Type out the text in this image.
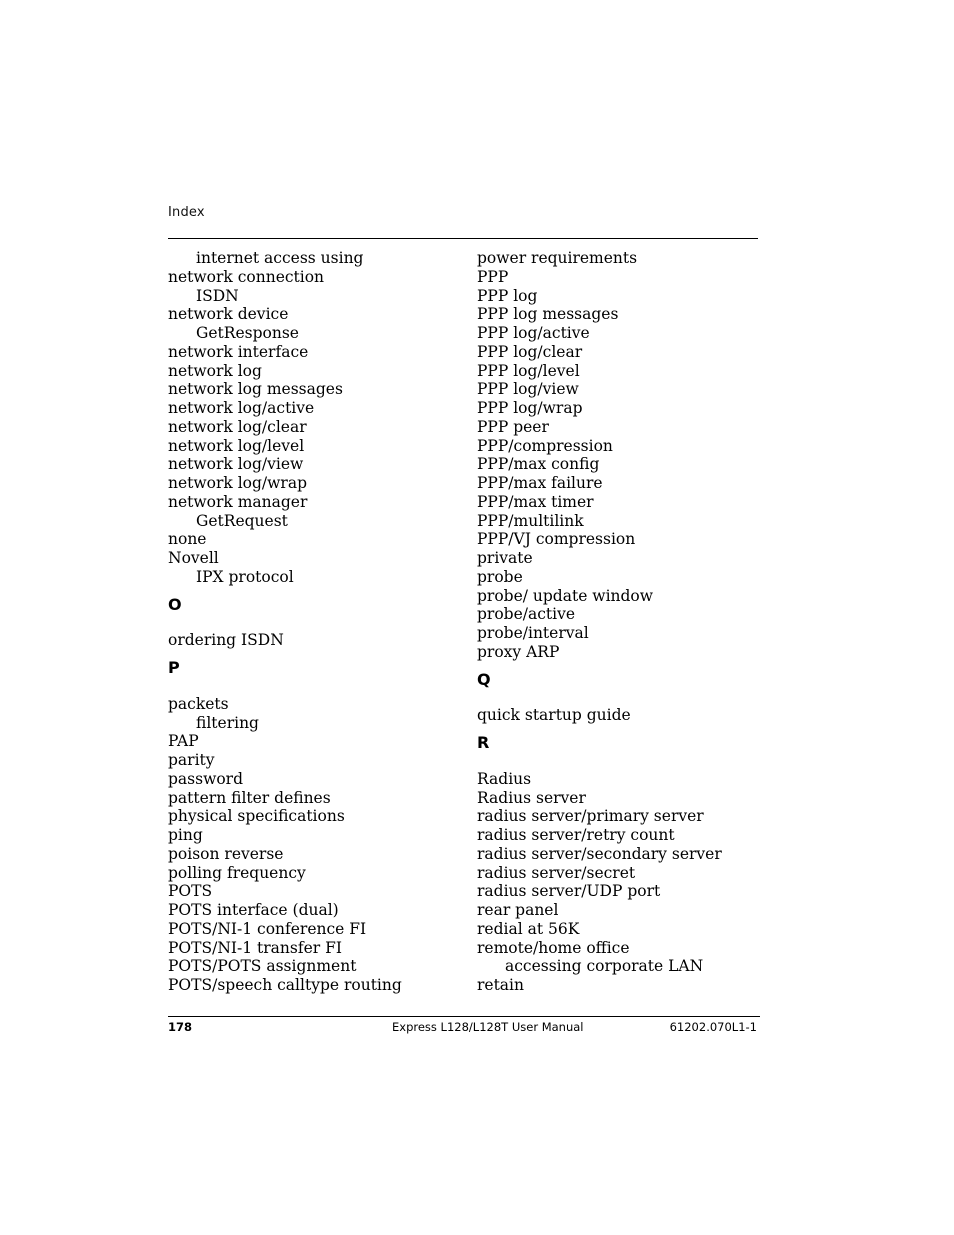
Index
internet access using
network connection
ISDN
network device
GetResponse
network interface
network log
network log messages
network log/active
network log/clear
network log/level
network log/view
network log/wrap
network manager
GetRequest
none
Novell
IPX protocol
O
ordering ISDN
P
packets
filtering
PAP
parity
password
pattern filter defines
physical specifications
ping
poison reverse
polling frequency
POTS
POTS interface (dual)
POTS/NI-1 conference FI
POTS/NI-1 transfer FI
POTS/POTS assignment
POTS/speech calltype routing
power requirements
PPP
PPP log
PPP log messages
PPP log/active
PPP log/clear
PPP log/level
PPP log/view
PPP log/wrap
PPP peer
PPP/compression
PPP/max config
PPP/max failure
PPP/max timer
PPP/multilink
PPP/VJ compression
private
probe
probe/ update window
probe/active
probe/interval
proxy ARP
Q
quick startup guide
R
Radius
Radius server
radius server/primary server
radius server/retry count
radius server/secondary server
radius server/secret
radius server/UDP port
rear panel
redial at 56K
remote/home office
accessing corporate LAN
retain
178	Express L128/L128T User Manual	61202.070L1-1
